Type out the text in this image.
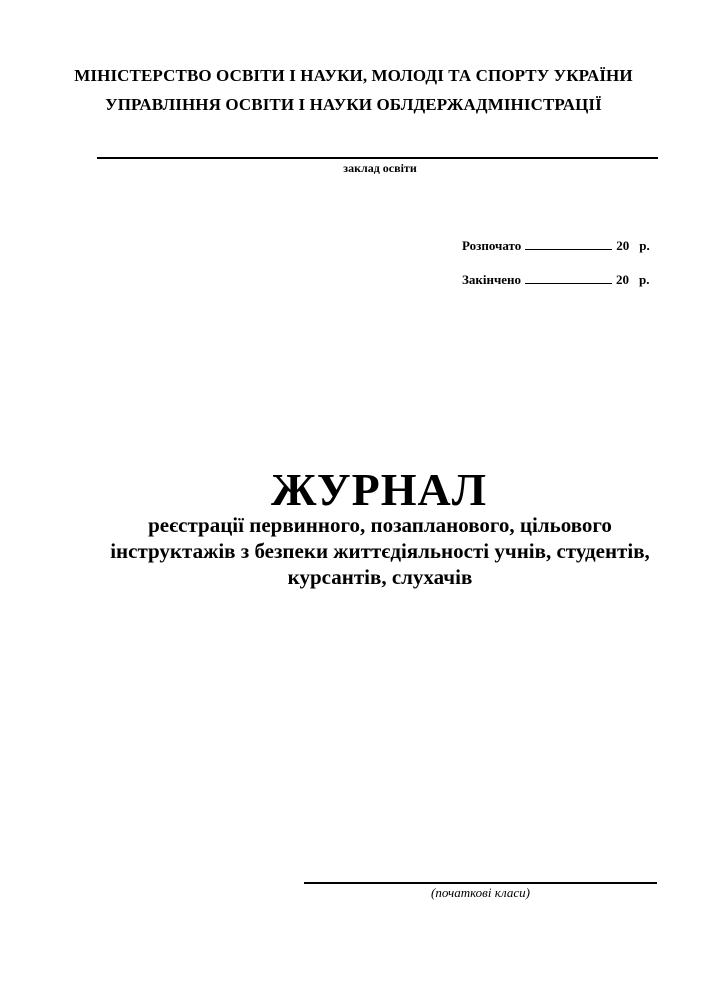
МІНІСТЕРСТВО ОСВІТИ І НАУКИ, МОЛОДІ ТА СПОРТУ УКРАЇНИ
УПРАВЛІННЯ ОСВІТИ І НАУКИ ОБЛДЕРЖАДМІНІСТРАЦІЇ
заклад освіти
Розпочато	20 р.
Закінчено	20 р.
ЖУРНАЛ
реєстрації первинного, позапланового, цільового
інструктажів з безпеки життєдіяльності учнів, студентів,
курсантів, слухачів
(початкові класи)
